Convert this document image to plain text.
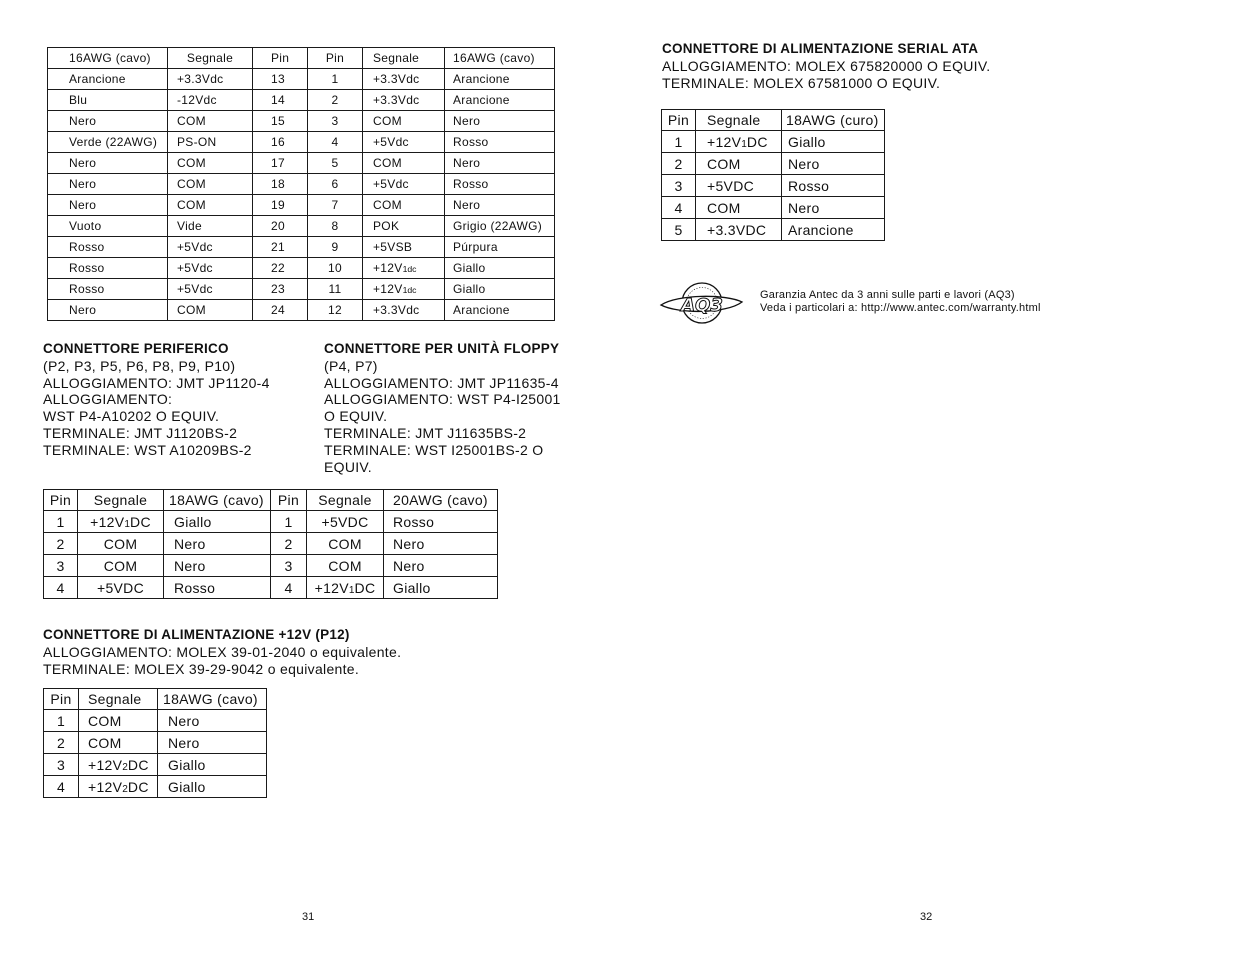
16AWG (cavo)	Segnale	Pin	Pin	Segnale	16AWG (cavo)
Arancione	+3.3Vdc	13	1	+3.3Vdc	Arancione
Blu	-12Vdc	14	2	+3.3Vdc	Arancione
Nero	COM	15	3	COM	Nero
Verde (22AWG)	PS-ON	16	4	+5Vdc	Rosso
Nero	COM	17	5	COM	Nero
Nero	COM	18	6	+5Vdc	Rosso
Nero	COM	19	7	COM	Nero
Vuoto	Vide	20	8	POK	Grigio (22AWG)
Rosso	+5Vdc	21	9	+5VSB	Púrpura
Rosso	+5Vdc	22	10	+12V1dc	Giallo
Rosso	+5Vdc	23	11	+12V1dc	Giallo
Nero	COM	24	12	+3.3Vdc	Arancione
CONNETTORE PERIFERICO
(P2, P3, P5, P6, P8, P9, P10)
ALLOGGIAMENTO: JMT JP1120-4
ALLOGGIAMENTO:
WST P4-A10202 O EQUIV.
TERMINALE: JMT J1120BS-2
TERMINALE: WST A10209BS-2
CONNETTORE PER UNITÀ FLOPPY
(P4, P7)
ALLOGGIAMENTO: JMT JP11635-4
ALLOGGIAMENTO: WST P4-I25001
O EQUIV.
TERMINALE: JMT J11635BS-2
TERMINALE: WST I25001BS-2 O
EQUIV.
Pin	Segnale	18AWG (cavo)	Pin	Segnale	20AWG (cavo)
1	+12V1DC	Giallo	1	+5VDC	Rosso
2	COM	Nero	2	COM	Nero
3	COM	Nero	3	COM	Nero
4	+5VDC	Rosso	4	+12V1DC	Giallo
CONNETTORE DI ALIMENTAZIONE +12V (P12)
ALLOGGIAMENTO: MOLEX 39-01-2040 o equivalente.
TERMINALE: MOLEX 39-29-9042 o equivalente.
Pin	Segnale	18AWG (cavo)
1	COM	Nero
2	COM	Nero
3	+12V2DC	Giallo
4	+12V2DC	Giallo
31
CONNETTORE DI ALIMENTAZIONE SERIAL ATA
ALLOGGIAMENTO: MOLEX 675820000 O EQUIV.
TERMINALE: MOLEX 67581000 O EQUIV.
Pin	Segnale	18AWG (curo)
1	+12V1DC	Giallo
2	COM	Nero
3	+5VDC	Rosso
4	COM	Nero
5	+3.3VDC	Arancione
AQ3	Garanzia Antec da 3 anni sulle parti e lavori (AQ3)
Veda i particolari a: http://www.antec.com/warranty.html
32
